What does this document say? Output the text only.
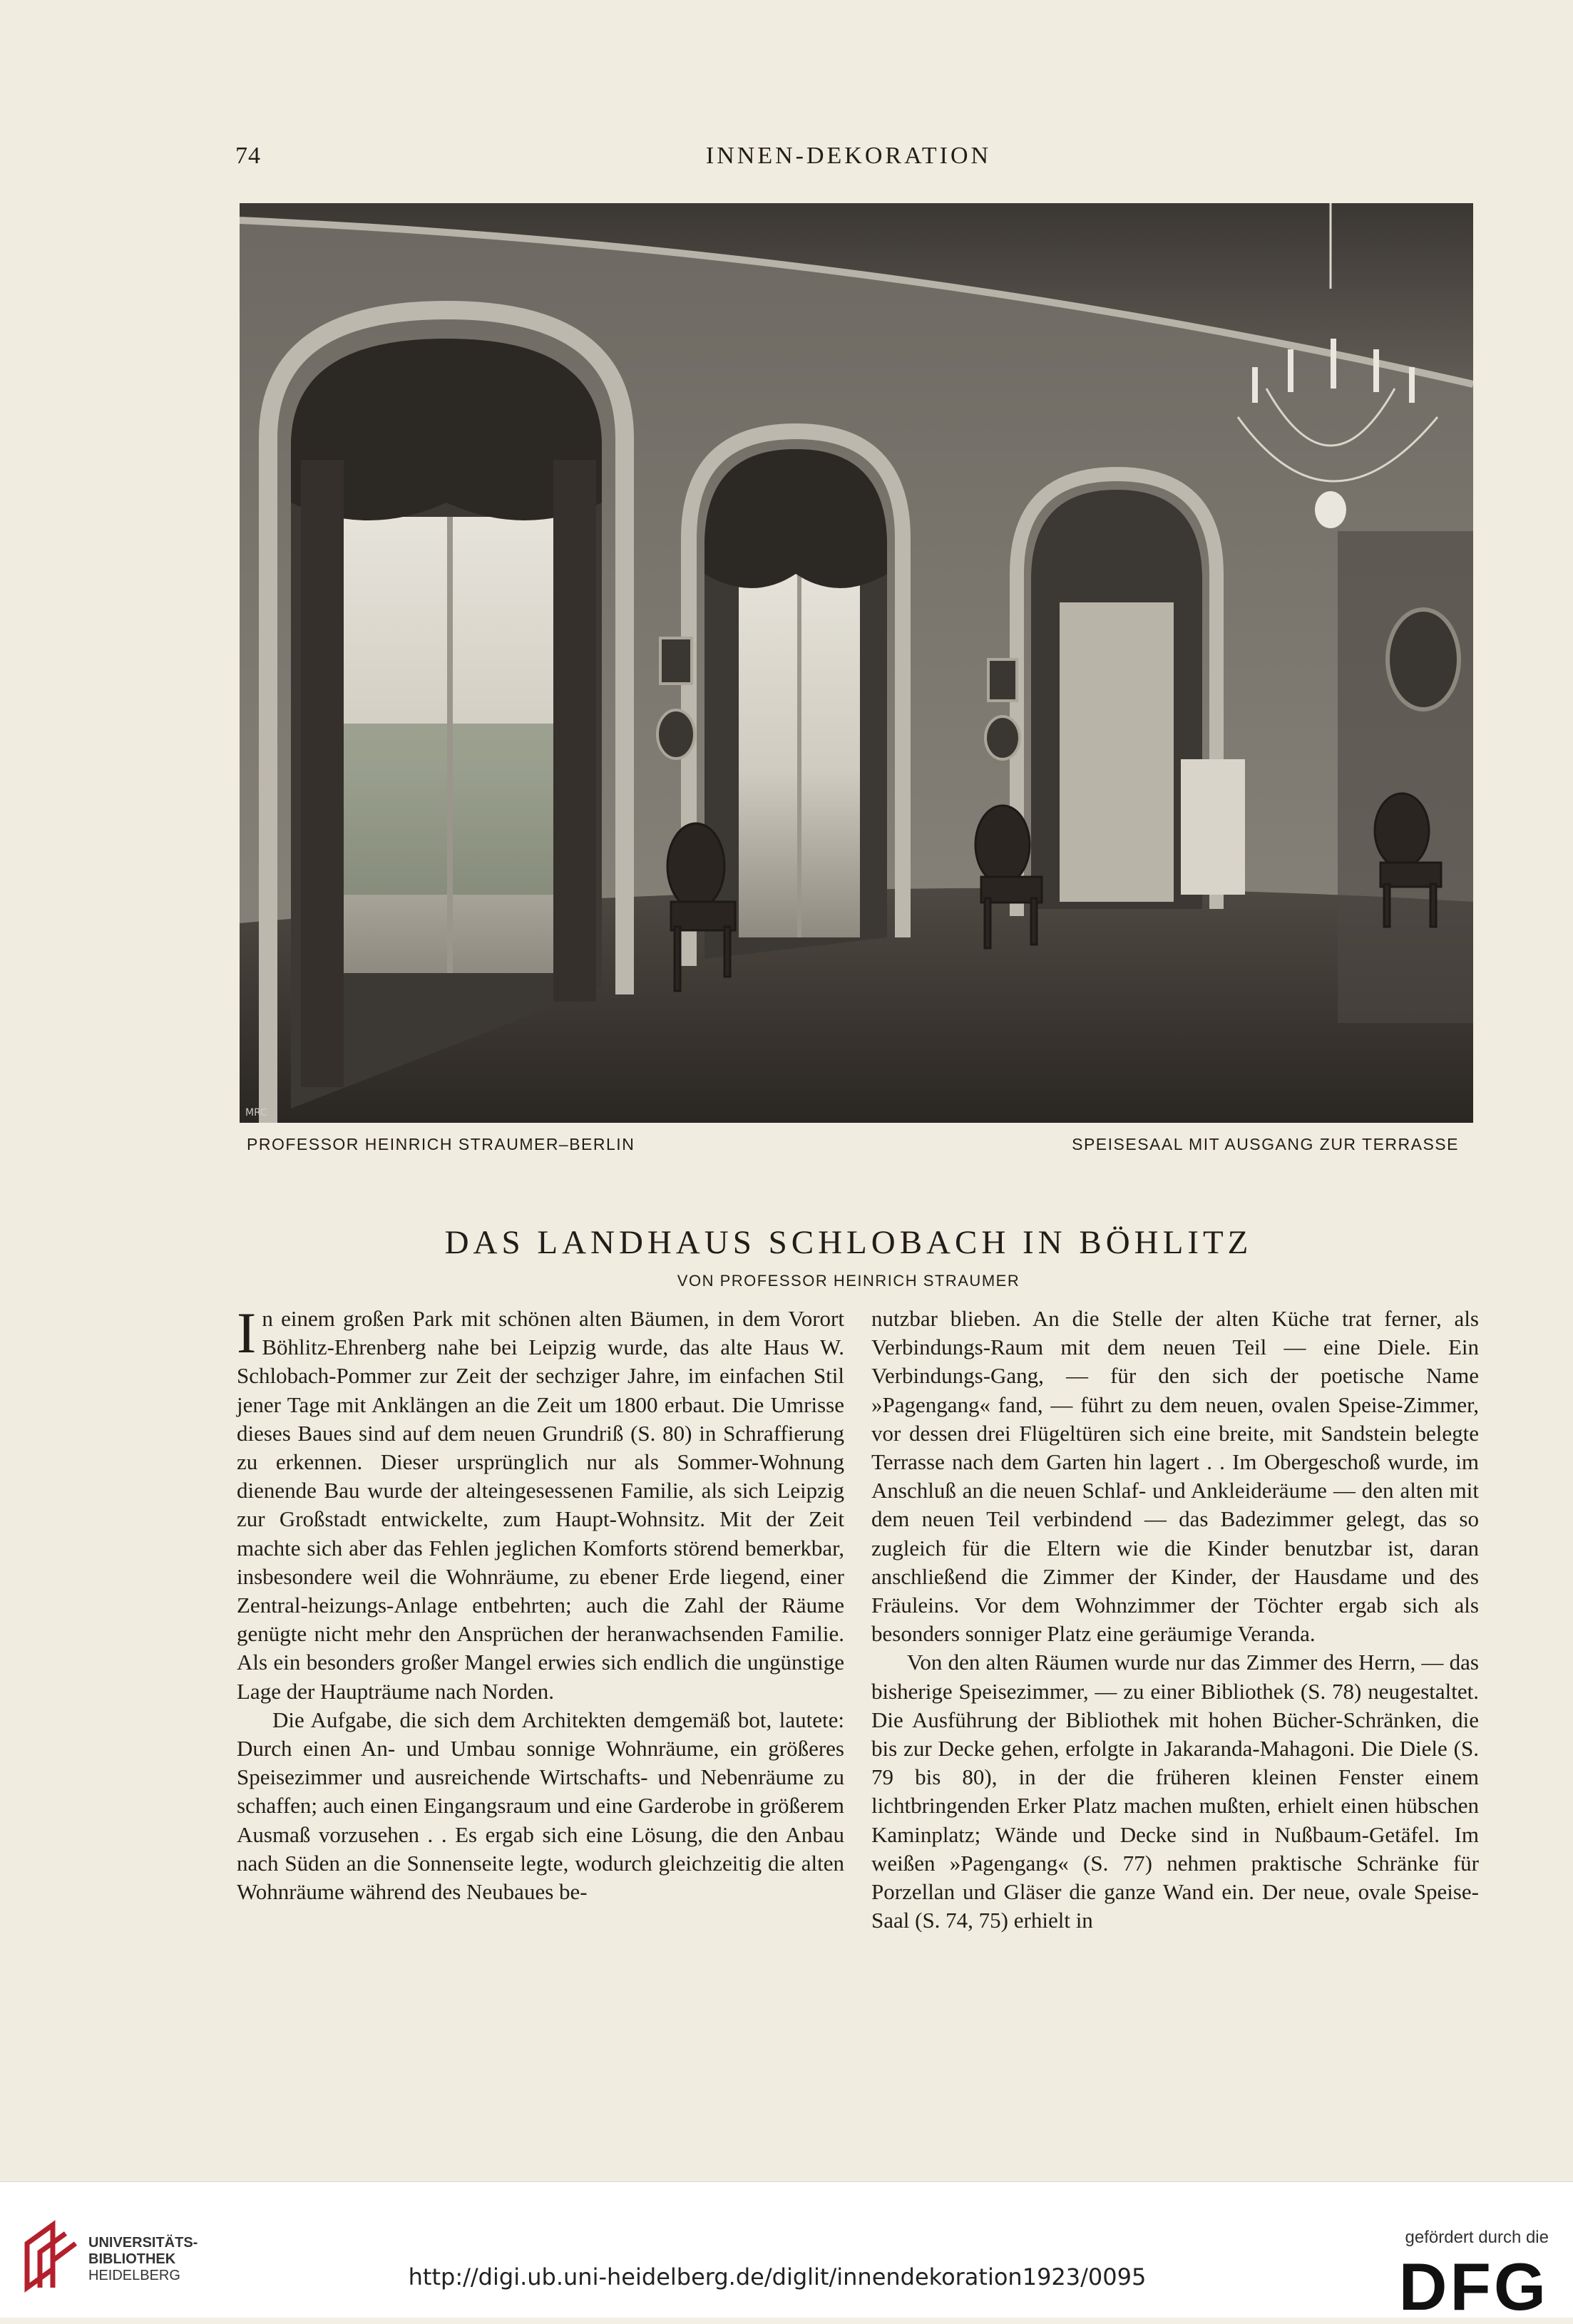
74	INNEN-DEKORATION
MRC
PROFESSOR HEINRICH STRAUMER–BERLIN	SPEISESAAL MIT AUSGANG ZUR TERRASSE
DAS LANDHAUS SCHLOBACH IN BÖHLITZ
VON PROFESSOR HEINRICH STRAUMER

In einem großen Park mit schönen alten Bäumen, in dem Vorort Böhlitz-Ehrenberg nahe bei Leipzig wurde, das alte Haus W. Schlobach-Pommer zur Zeit der sechziger Jahre, im einfachen Stil jener Tage mit Anklängen an die Zeit um 1800 erbaut. Die Umrisse dieses Baues sind auf dem neuen Grundriß (S. 80) in Schraffierung zu erkennen. Dieser ursprünglich nur als Sommer-Wohnung dienende Bau wurde der alteingesessenen Familie, als sich Leipzig zur Großstadt entwickelte, zum Haupt-Wohnsitz. Mit der Zeit machte sich aber das Fehlen jeglichen Komforts störend bemerkbar, insbesondere weil die Wohnräume, zu ebener Erde liegend, einer Zentral-heizungs-Anlage entbehrten; auch die Zahl der Räume genügte nicht mehr den Ansprüchen der heranwachsenden Familie. Als ein besonders großer Mangel erwies sich endlich die ungünstige Lage der Haupträume nach Norden.

Die Aufgabe, die sich dem Architekten demgemäß bot, lautete: Durch einen An- und Umbau sonnige Wohnräume, ein größeres Speisezimmer und ausreichende Wirtschafts- und Nebenräume zu schaffen; auch einen Eingangsraum und eine Garderobe in größerem Ausmaß vorzusehen . . Es ergab sich eine Lösung, die den Anbau nach Süden an die Sonnenseite legte, wodurch gleichzeitig die alten Wohnräume während des Neubaues be-

nutzbar blieben. An die Stelle der alten Küche trat ferner, als Verbindungs-Raum mit dem neuen Teil — eine Diele. Ein Verbindungs-Gang, — für den sich der poetische Name »Pagengang« fand, — führt zu dem neuen, ovalen Speise-Zimmer, vor dessen drei Flügeltüren sich eine breite, mit Sandstein belegte Terrasse nach dem Garten hin lagert . . Im Obergeschoß wurde, im Anschluß an die neuen Schlaf- und Ankleideräume — den alten mit dem neuen Teil verbindend — das Badezimmer gelegt, das so zugleich für die Eltern wie die Kinder benutzbar ist, daran anschließend die Zimmer der Kinder, der Hausdame und des Fräuleins. Vor dem Wohnzimmer der Töchter ergab sich als besonders sonniger Platz eine geräumige Veranda.

Von den alten Räumen wurde nur das Zimmer des Herrn, — das bisherige Speisezimmer, — zu einer Bibliothek (S. 78) neugestaltet. Die Ausführung der Bibliothek mit hohen Bücher-Schränken, die bis zur Decke gehen, erfolgte in Jakaranda-Mahagoni. Die Diele (S. 79 bis 80), in der die früheren kleinen Fenster einem lichtbringenden Erker Platz machen mußten, erhielt einen hübschen Kaminplatz; Wände und Decke sind in Nußbaum-Getäfel. Im weißen »Pagengang« (S. 77) nehmen praktische Schränke für Porzellan und Gläser die ganze Wand ein. Der neue, ovale Speise-Saal (S. 74, 75) erhielt in

UNIVERSITÄTS-
BIBLIOTHEK
HEIDELBERG	http://digi.ub.uni-heidelberg.de/diglit/innendekoration1923/0095
gefördert durch die
DFG
